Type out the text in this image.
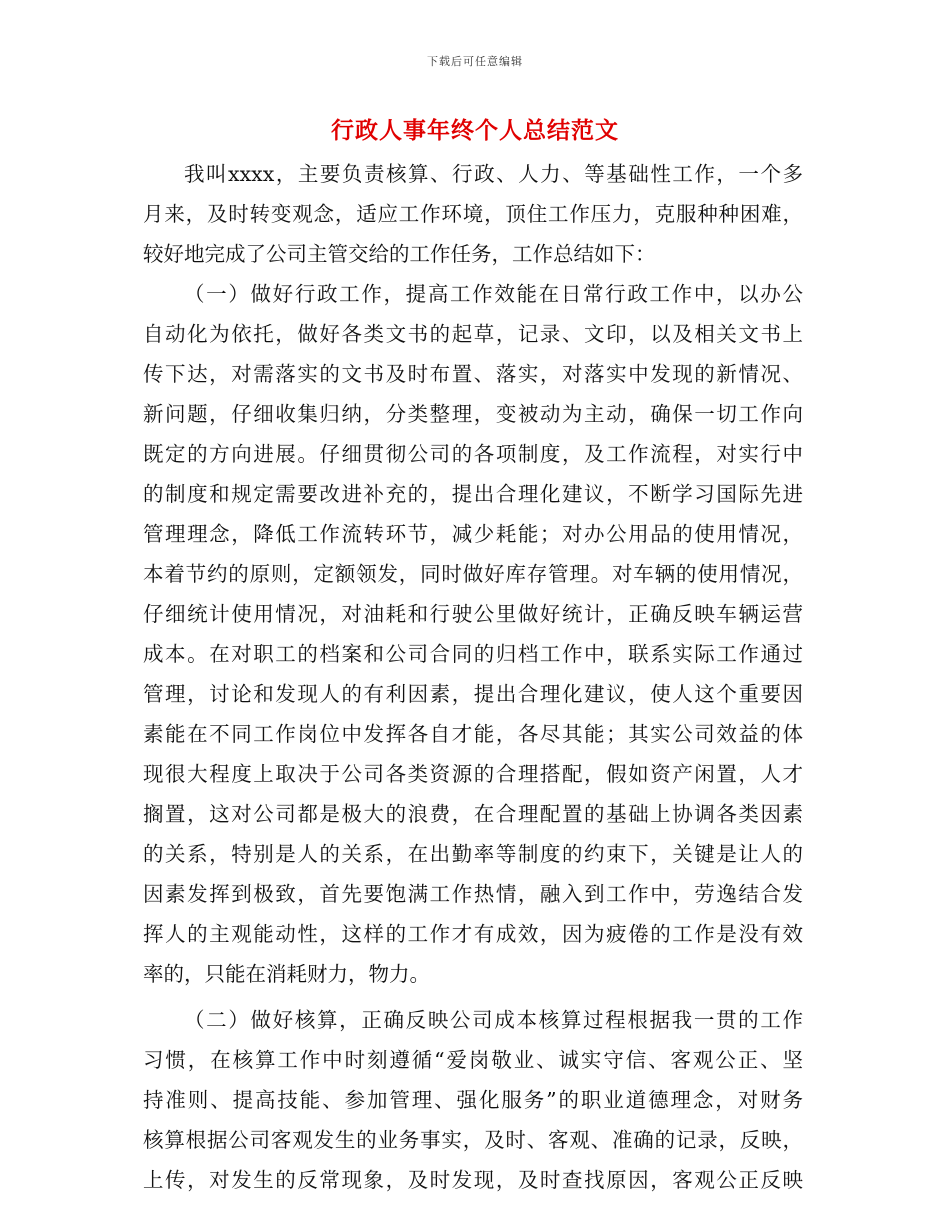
下载后可任意编辑
行政人事年终个人总结范文
我叫xxxx，主要负责核算、行政、人力、等基础性工作，一个多
月来，及时转变观念，适应工作环境，顶住工作压力，克服种种困难，
较好地完成了公司主管交给的工作任务，工作总结如下：
（一）做好行政工作，提高工作效能在日常行政工作中，以办公
自动化为依托，做好各类文书的起草，记录、文印，以及相关文书上
传下达，对需落实的文书及时布置、落实，对落实中发现的新情况、
新问题，仔细收集归纳，分类整理，变被动为主动，确保一切工作向
既定的方向进展。仔细贯彻公司的各项制度，及工作流程，对实行中
的制度和规定需要改进补充的，提出合理化建议，不断学习国际先进
管理理念，降低工作流转环节，减少耗能；对办公用品的使用情况，
本着节约的原则，定额领发，同时做好库存管理。对车辆的使用情况，
仔细统计使用情况，对油耗和行驶公里做好统计，正确反映车辆运营
成本。在对职工的档案和公司合同的归档工作中，联系实际工作通过
管理，讨论和发现人的有利因素，提出合理化建议，使人这个重要因
素能在不同工作岗位中发挥各自才能，各尽其能；其实公司效益的体
现很大程度上取决于公司各类资源的合理搭配，假如资产闲置，人才
搁置，这对公司都是极大的浪费，在合理配置的基础上协调各类因素
的关系，特别是人的关系，在出勤率等制度的约束下，关键是让人的
因素发挥到极致，首先要饱满工作热情，融入到工作中，劳逸结合发
挥人的主观能动性，这样的工作才有成效，因为疲倦的工作是没有效
率的，只能在消耗财力，物力。
（二）做好核算，正确反映公司成本核算过程根据我一贯的工作
习惯，在核算工作中时刻遵循“爱岗敬业、诚实守信、客观公正、坚
持准则、提高技能、参加管理、强化服务”的职业道德理念，对财务
核算根据公司客观发生的业务事实，及时、客观、准确的记录，反映，
上传，对发生的反常现象，及时发现，及时查找原因，客观公正反映
